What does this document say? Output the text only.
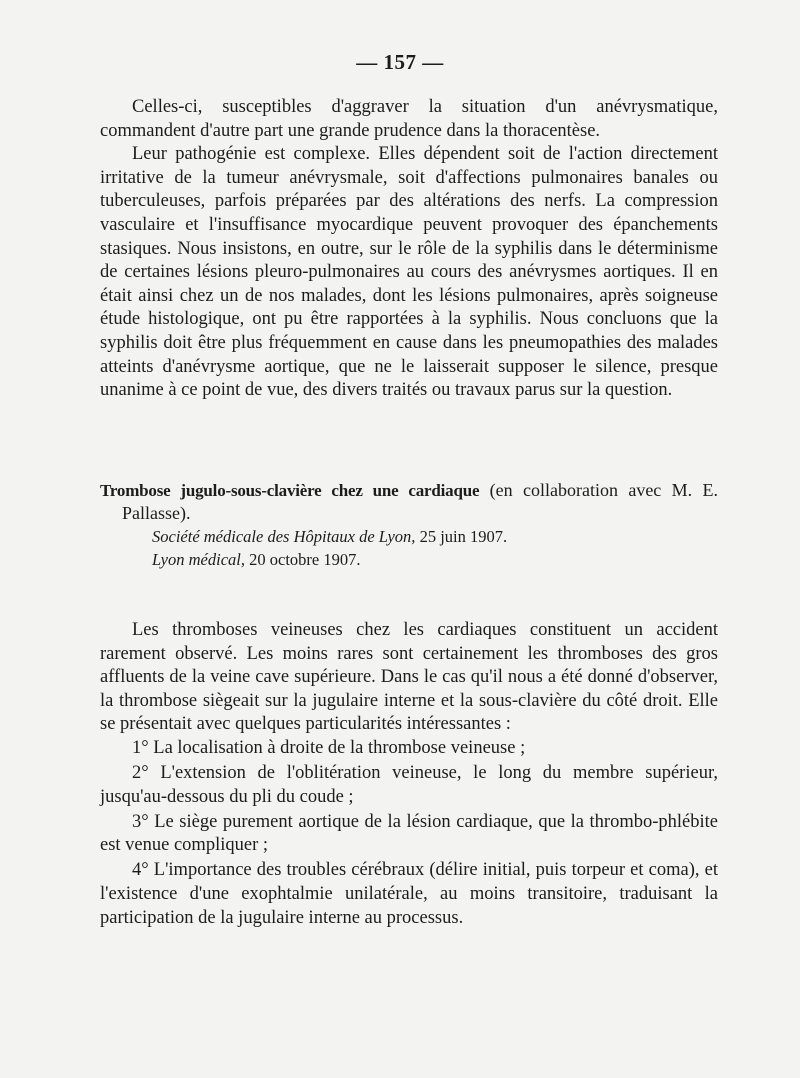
— 157 —

Celles-ci, susceptibles d'aggraver la situation d'un anévrysmatique, commandent d'autre part une grande prudence dans la thoracentèse.

Leur pathogénie est complexe. Elles dépendent soit de l'action directement irritative de la tumeur anévrysmale, soit d'affections pulmonaires banales ou tuberculeuses, parfois préparées par des altérations des nerfs. La compression vasculaire et l'insuffisance myocardique peuvent provoquer des épanchements stasiques. Nous insistons, en outre, sur le rôle de la syphilis dans le déterminisme de certaines lésions pleuro-pulmonaires au cours des anévrysmes aortiques. Il en était ainsi chez un de nos malades, dont les lésions pulmonaires, après soigneuse étude histologique, ont pu être rapportées à la syphilis. Nous concluons que la syphilis doit être plus fréquemment en cause dans les pneumopathies des malades atteints d'anévrysme aortique, que ne le laisserait supposer le silence, presque unanime à ce point de vue, des divers traités ou travaux parus sur la question.

Trombose jugulo-sous-clavière chez une cardiaque (en collaboration avec M. E. Pallasse).
Société médicale des Hôpitaux de Lyon, 25 juin 1907.
Lyon médical, 20 octobre 1907.

Les thromboses veineuses chez les cardiaques constituent un accident rarement observé. Les moins rares sont certainement les thromboses des gros affluents de la veine cave supérieure. Dans le cas qu'il nous a été donné d'observer, la thrombose siègeait sur la jugulaire interne et la sous-clavière du côté droit. Elle se présentait avec quelques particularités intéressantes :

1° La localisation à droite de la thrombose veineuse ;

2° L'extension de l'oblitération veineuse, le long du membre supérieur, jusqu'au-dessous du pli du coude ;

3° Le siège purement aortique de la lésion cardiaque, que la thrombo-phlébite est venue compliquer ;

4° L'importance des troubles cérébraux (délire initial, puis torpeur et coma), et l'existence d'une exophtalmie unilatérale, au moins transitoire, traduisant la participation de la jugulaire interne au processus.
